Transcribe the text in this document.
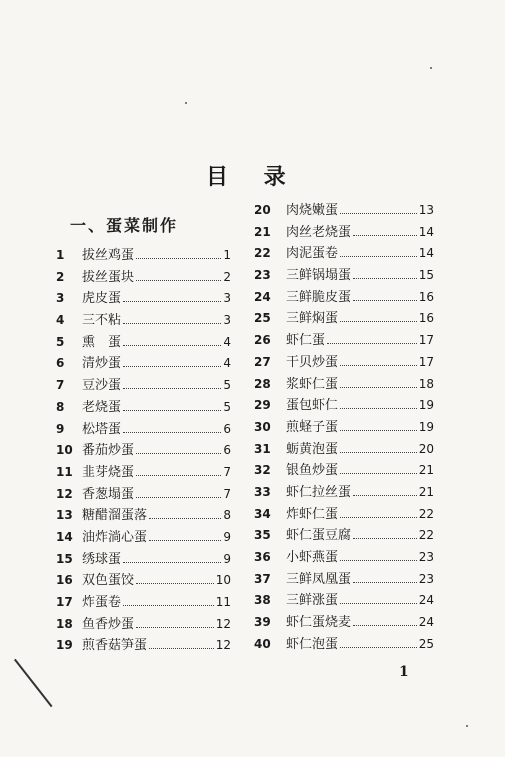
目 录
一、蛋菜制作
1	拔丝鸡蛋	1
2	拔丝蛋块	2
3	虎皮蛋	3
4	三不粘	3
5	熏　蛋	4
6	清炒蛋	4
7	豆沙蛋	5
8	老烧蛋	5
9	松塔蛋	6
10 番茄炒蛋	6
11 韭芽烧蛋	7
12 香葱塌蛋	7
13 糖醋溜蛋落	8
14 油炸淌心蛋	9
15 绣球蛋	9
16 双色蛋饺	10
17 炸蛋卷	11
18 鱼香炒蛋	12
19 煎香菇笋蛋	12
20	肉烧嫩蛋	13
21	肉丝老烧蛋	14
22	肉泥蛋卷	14
23	三鲜锅塌蛋	15
24	三鲜脆皮蛋	16
25	三鲜焖蛋	16
26	虾仁蛋	17
27	干贝炒蛋	17
28	浆虾仁蛋	18
29	蛋包虾仁	19
30	煎蛏子蛋	19
31	蛎黄泡蛋	20
32	银鱼炒蛋	21
33	虾仁拉丝蛋	21
34	炸虾仁蛋	22
35	虾仁蛋豆腐	22
36	小虾燕蛋	23
37	三鲜凤凰蛋	23
38	三鲜涨蛋	24
39	虾仁蛋烧麦	24
40	虾仁泡蛋	25
1
